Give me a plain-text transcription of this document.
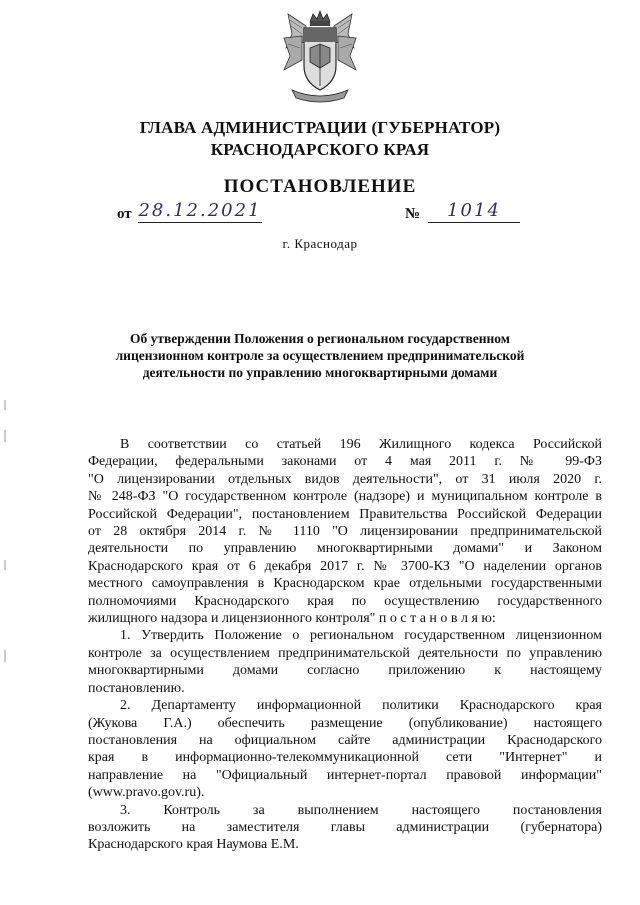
ГЛАВА АДМИНИСТРАЦИИ (ГУБЕРНАТОР)
КРАСНОДАРСКОГО КРАЯ
ПОСТАНОВЛЕНИЕ
от 28.12.2021	№	1014
г. Краснодар
Об утверждении Положения о региональном государственном
лицензионном контроле за осуществлением предпринимательской
деятельности по управлению многоквартирными домами
В соответствии со статьей 196 Жилищного кодекса Российской
Федерации, федеральными законами от 4 мая 2011 г. № 99-ФЗ
"О лицензировании отдельных видов деятельности", от 31 июля 2020 г.
№ 248-ФЗ "О государственном контроле (надзоре) и муниципальном контроле в
Российской Федерации", постановлением Правительства Российской Федерации
от 28 октября 2014 г. № 1110 "О лицензировании предпринимательской
деятельности по управлению многоквартирными домами" и Законом
Краснодарского края от 6 декабря 2017 г. № 3700-КЗ "О наделении органов
местного самоуправления в Краснодарском крае отдельными государственными
полномочиями Краснодарского края по осуществлению государственного
жилищного надзора и лицензионного контроля" п о с т а н о в л я ю:
1. Утвердить Положение о региональном государственном лицензионном
контроле за осуществлением предпринимательской деятельности по управлению
многоквартирными домами согласно приложению к настоящему
постановлению.
2. Департаменту информационной политики Краснодарского края
(Жукова Г.А.) обеспечить размещение (опубликование) настоящего
постановления на официальном сайте администрации Краснодарского
края в информационно-телекоммуникационной сети "Интернет" и
направление на "Официальный интернет-портал правовой информации"
(www.pravo.gov.ru).
3. Контроль за выполнением настоящего постановления
возложить на заместителя главы администрации (губернатора)
Краснодарского края Наумова Е.М.
